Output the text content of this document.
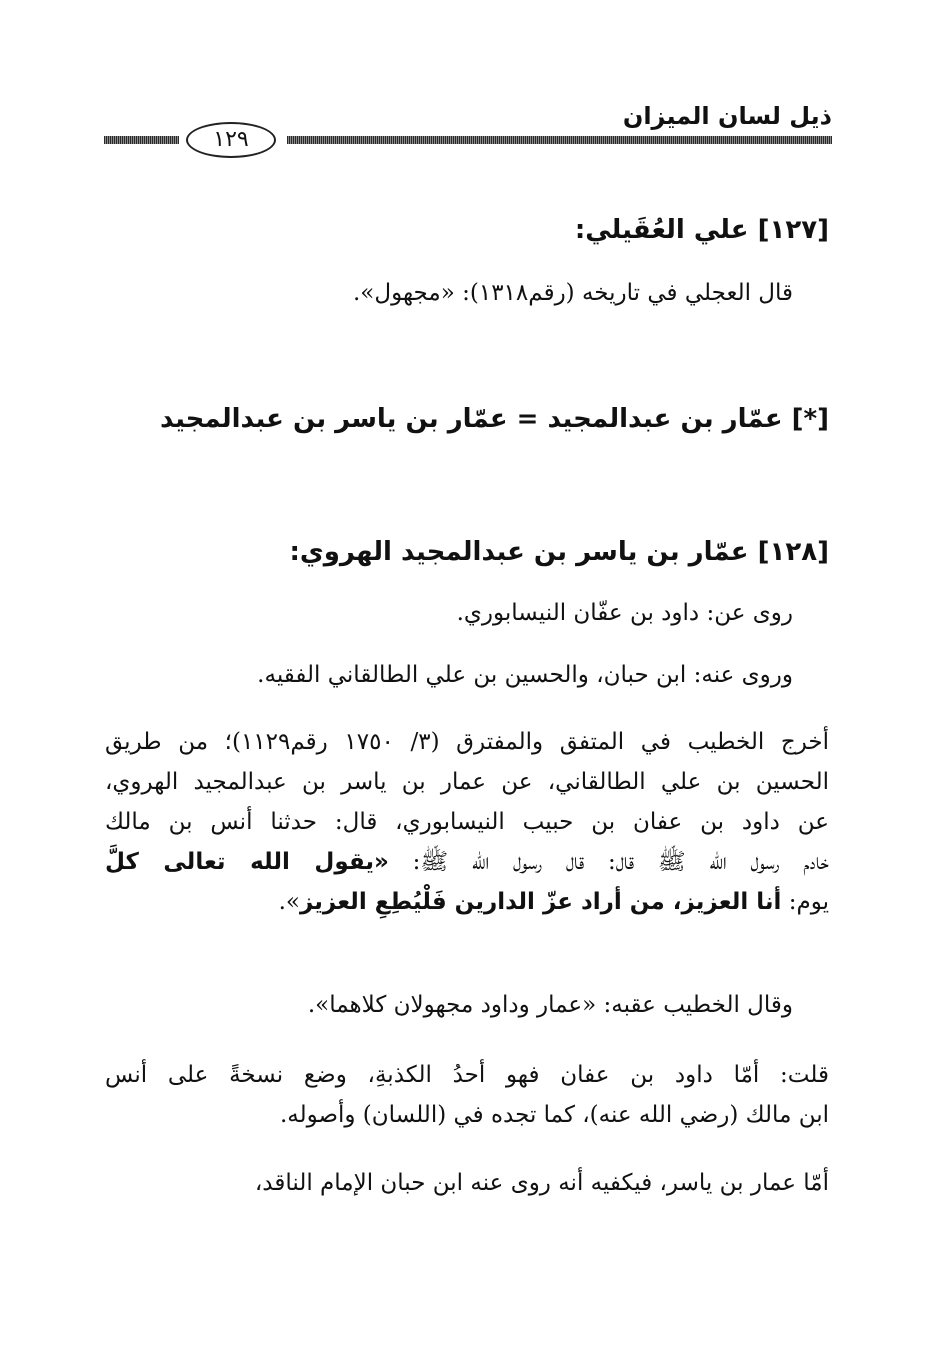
ذيل لسان الميزان
١٢٩

[١٢٧] علي العُقَيلي:

قال العجلي في تاريخه (رقم١٣١٨): «مجهول».

[*] عمّار بن عبدالمجيد = عمّار بن ياسر بن عبدالمجيد

[١٢٨] عمّار بن ياسر بن عبدالمجيد الهروي:

روى عن: داود بن عفّان النيسابوري.

وروى عنه: ابن حبان، والحسين بن علي الطالقاني الفقيه.

أخرج الخطيب في المتفق والمفترق (٣/ ١٧٥٠ رقم١١٢٩)؛ من طريق
الحسين بن علي الطالقاني، عن عمار بن ياسر بن عبدالمجيد الهروي،
عن داود بن عفان بن حبيب النيسابوري، قال: حدثنا أنس بن مالك
خادم رسول الله ﷺ قال: قال رسول الله ﷺ: «يقول الله تعالى كلَّ
يوم: أنا العزيز، من أراد عزّ الدارين فَلْيُطِعِ العزيز».

وقال الخطيب عقبه: «عمار وداود مجهولان كلاهما».

قلت: أمّا داود بن عفان فهو أحدُ الكذبةِ، وضع نسخةً على أنس
ابن مالك (رضي الله عنه)، كما تجده في (اللسان) وأصوله.

أمّا عمار بن ياسر، فيكفيه أنه روى عنه ابن حبان الإمام الناقد،
